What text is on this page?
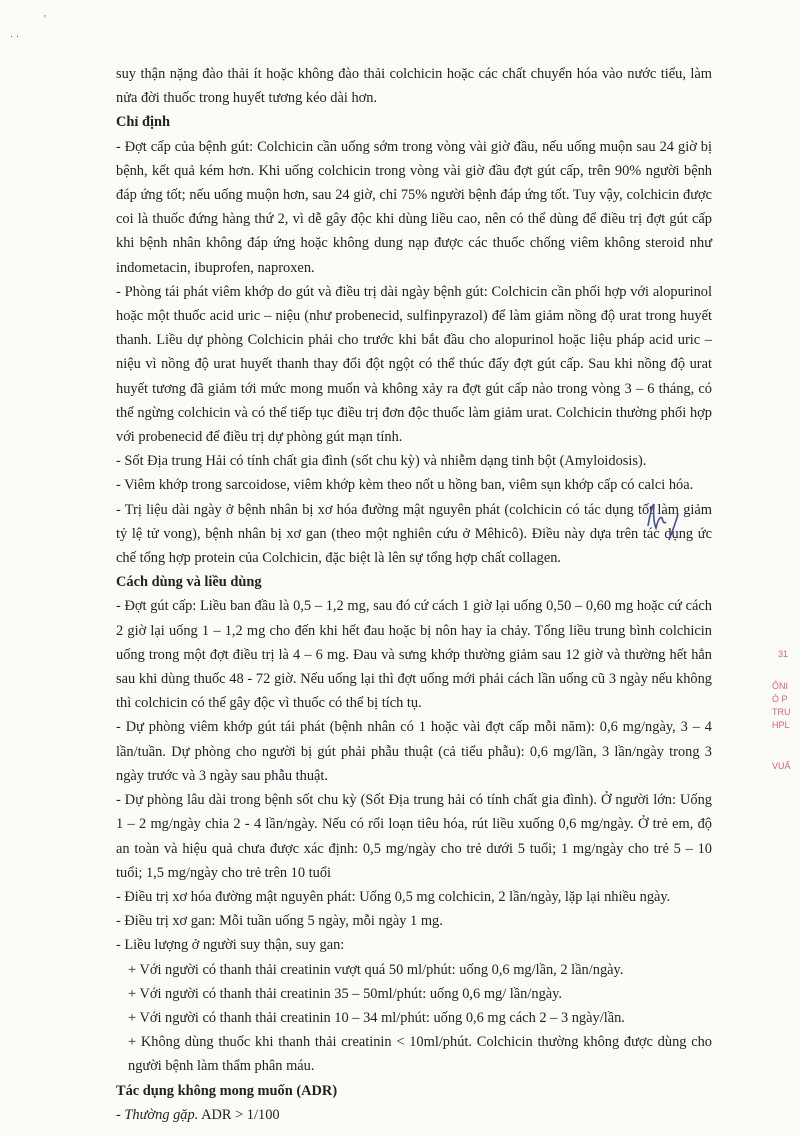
· ·
'

suy thận nặng đào thải ít hoặc không đào thải colchicin hoặc các chất chuyển hóa vào nước tiểu, làm nửa đời thuốc trong huyết tương kéo dài hơn.

Chỉ định

- Đợt cấp của bệnh gút: Colchicin cần uống sớm trong vòng vài giờ đầu, nếu uống muộn sau 24 giờ bị bệnh, kết quả kém hơn. Khi uống colchicin trong vòng vài giờ đầu đợt gút cấp, trên 90% người bệnh đáp ứng tốt; nếu uống muộn hơn, sau 24 giờ, chỉ 75% người bệnh đáp ứng tốt. Tuy vậy, colchicin được coi là thuốc đứng hàng thứ 2, vì dễ gây độc khi dùng liều cao, nên có thể dùng để điều trị đợt gút cấp khi bệnh nhân không đáp ứng hoặc không dung nạp được các thuốc chống viêm không steroid như indometacin, ibuprofen, naproxen.

- Phòng tái phát viêm khớp do gút và điều trị dài ngày bệnh gút: Colchicin cần phối hợp với alopurinol hoặc một thuốc acid uric – niệu (như probenecid, sulfinpyrazol) để làm giảm nồng độ urat trong huyết thanh. Liều dự phòng Colchicin phải cho trước khi bắt đầu cho alopurinol hoặc liệu pháp acid uric – niệu vì nồng độ urat huyết thanh thay đổi đột ngột có thể thúc đẩy đợt gút cấp. Sau khi nồng độ urat huyết tương đã giảm tới mức mong muốn và không xảy ra đợt gút cấp nào trong vòng 3 – 6 tháng, có thể ngừng colchicin và có thể tiếp tục điều trị đơn độc thuốc làm giảm urat. Colchicin thường phối hợp với probenecid để điều trị dự phòng gút mạn tính.

- Sốt Địa trung Hải có tính chất gia đình (sốt chu kỳ) và nhiễm dạng tinh bột (Amyloidosis).

- Viêm khớp trong sarcoidose, viêm khớp kèm theo nốt u hồng ban, viêm sụn khớp cấp có calci hóa.

- Trị liệu dài ngày ở bệnh nhân bị xơ hóa đường mật nguyên phát (colchicin có tác dụng tốt làm giảm tỷ lệ tử vong), bệnh nhân bị xơ gan (theo một nghiên cứu ở Mêhicô). Điều này dựa trên tác dụng ức chế tổng hợp protein của Colchicin, đặc biệt là lên sự tổng hợp chất collagen.

Cách dùng và liều dùng

- Đợt gút cấp: Liều ban đầu là 0,5 – 1,2 mg, sau đó cứ cách 1 giờ lại uống 0,50 – 0,60 mg hoặc cứ cách 2 giờ lại uống 1 – 1,2 mg cho đến khi hết đau hoặc bị nôn hay ỉa chảy. Tổng liều trung bình colchicin uống trong một đợt điều trị là 4 – 6 mg. Đau và sưng khớp thường giảm sau 12 giờ và thường hết hẳn sau khi dùng thuốc 48 - 72 giờ. Nếu uống lại thì đợt uống mới phải cách lần uống cũ 3 ngày nếu không thì colchicin có thể gây độc vì thuốc có thể bị tích tụ.

- Dự phòng viêm khớp gút tái phát (bệnh nhân có 1 hoặc vài đợt cấp mỗi năm): 0,6 mg/ngày, 3 – 4 lần/tuần. Dự phòng cho người bị gút phải phẫu thuật (cả tiểu phẫu): 0,6 mg/lần, 3 lần/ngày trong 3 ngày trước và 3 ngày sau phẫu thuật.

- Dự phòng lâu dài trong bệnh sốt chu kỳ (Sốt Địa trung hải có tính chất gia đình). Ở người lớn: Uống 1 – 2 mg/ngày chia 2 - 4 lần/ngày. Nếu có rối loạn tiêu hóa, rút liều xuống 0,6 mg/ngày. Ở trẻ em, độ an toàn và hiệu quả chưa được xác định: 0,5 mg/ngày cho trẻ dưới 5 tuổi; 1 mg/ngày cho trẻ 5 – 10 tuổi; 1,5 mg/ngày cho trẻ trên 10 tuổi

- Điều trị xơ hóa đường mật nguyên phát: Uống 0,5 mg colchicin, 2 lần/ngày, lặp lại nhiều ngày.

- Điều trị xơ gan: Mỗi tuần uống 5 ngày, mỗi ngày 1 mg.

- Liều lượng ở người suy thận, suy gan:

+ Với người có thanh thải creatinin vượt quá 50 ml/phút: uống 0,6 mg/lần, 2 lần/ngày.

+ Với người có thanh thải creatinin 35 – 50ml/phút: uống 0,6 mg/ lần/ngày.

+ Với người có thanh thải creatinin 10 – 34 ml/phút: uống 0,6 mg cách 2 – 3 ngày/lần.

+ Không dùng thuốc khi thanh thải creatinin < 10ml/phút. Colchicin thường không được dùng cho người bệnh làm thẩm phân máu.

Tác dụng không mong muốn (ADR)

- Thường gặp. ADR > 1/100

31
ÔNI
Ó P
TRU
HPL
VUẤ
